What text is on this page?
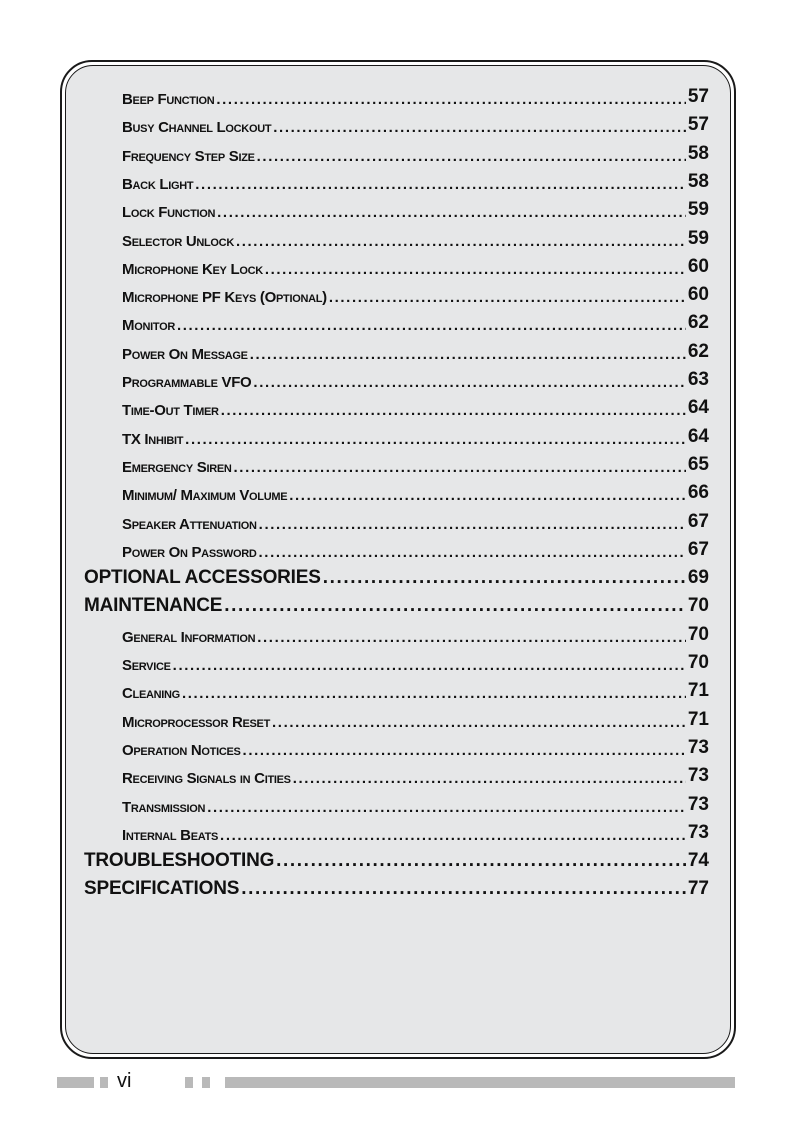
Beep Function .....	57
Busy Channel Lockout .....	57
Frequency Step Size .....	58
Back Light .....	58
Lock Function .....	59
Selector Unlock .....	59
Microphone Key Lock .....	60
Microphone PF Keys (Optional) .....	60
Monitor .....	62
Power On Message .....	62
Programmable VFO .....	63
Time-Out Timer .....	64
TX Inhibit .....	64
Emergency Siren .....	65
Minimum/ Maximum Volume .....	66
Speaker Attenuation .....	67
Power On Password .....	67
OPTIONAL ACCESSORIES .....	69
MAINTENANCE .....	70
General Information .....	70
Service .....	70
Cleaning .....	71
Microprocessor Reset .....	71
Operation Notices .....	73
Receiving Signals in Cities .....	73
Transmission .....	73
Internal Beats .....	73
TROUBLESHOOTING .....	74
SPECIFICATIONS .....	77
vi
